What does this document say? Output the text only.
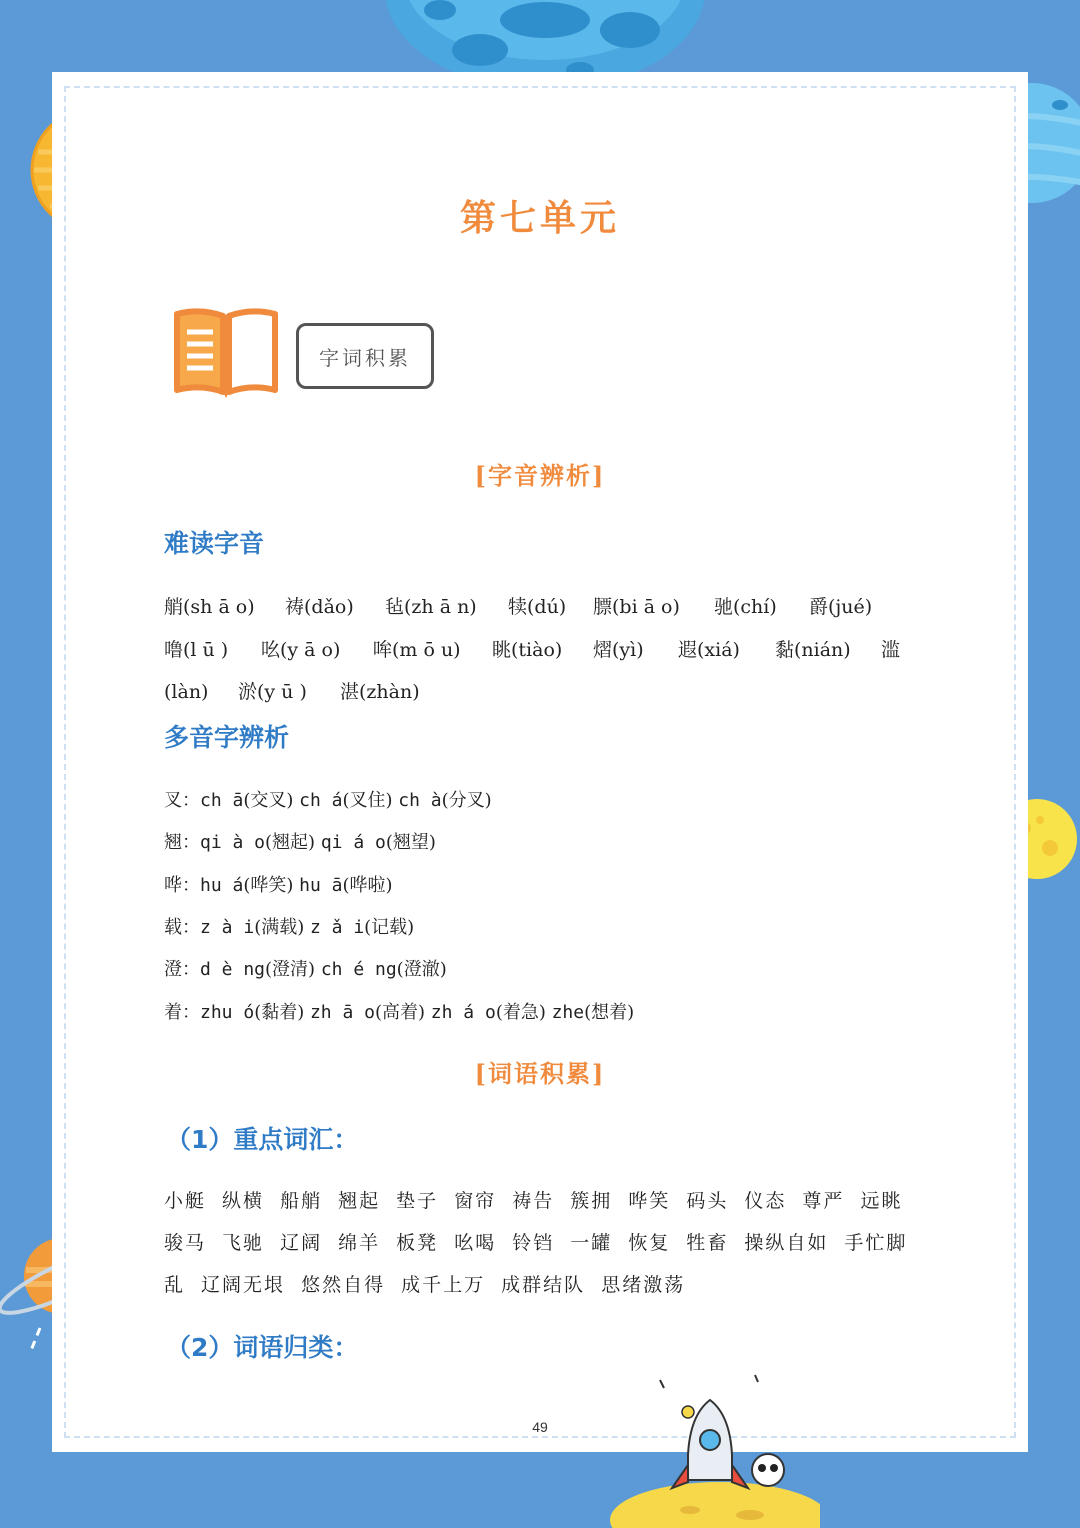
第七单元
字词积累
[字音辨析]
难读字音
艄(sh ā o) 祷(dǎo) 毡(zh ā n) 犊(dú) 膘(bi ā o) 驰(chí) 爵(jué)
噜(l ū ) 吆(y ā o) 哞(m ō u) 眺(tiào) 熠(yì) 遐(xiá) 黏(nián) 滥
(làn) 淤(y ū ) 湛(zhàn)
多音字辨析
叉：ch ā(交叉) ch á(叉住) ch à(分叉)
翘：qi à o(翘起) qi á o(翘望)
哗：hu á(哗笑) hu ā(哗啦)
载：z à i(满载) z ǎ i(记载)
澄：d è ng(澄清) ch é ng(澄澈)
着：zhu ó(黏着) zh ā o(高着) zh á o(着急) zhe(想着)
[词语积累]
（1）重点词汇：
小艇 纵横 船艄 翘起 垫子 窗帘 祷告 簇拥 哗笑 码头 仪态 尊严 远眺 骏马 飞驰 辽阔 绵羊 板凳 吆喝 铃铛 一罐 恢复 牲畜 操纵自如 手忙脚乱 辽阔无垠 悠然自得 成千上万 成群结队 思绪激荡
（2）词语归类：
49
